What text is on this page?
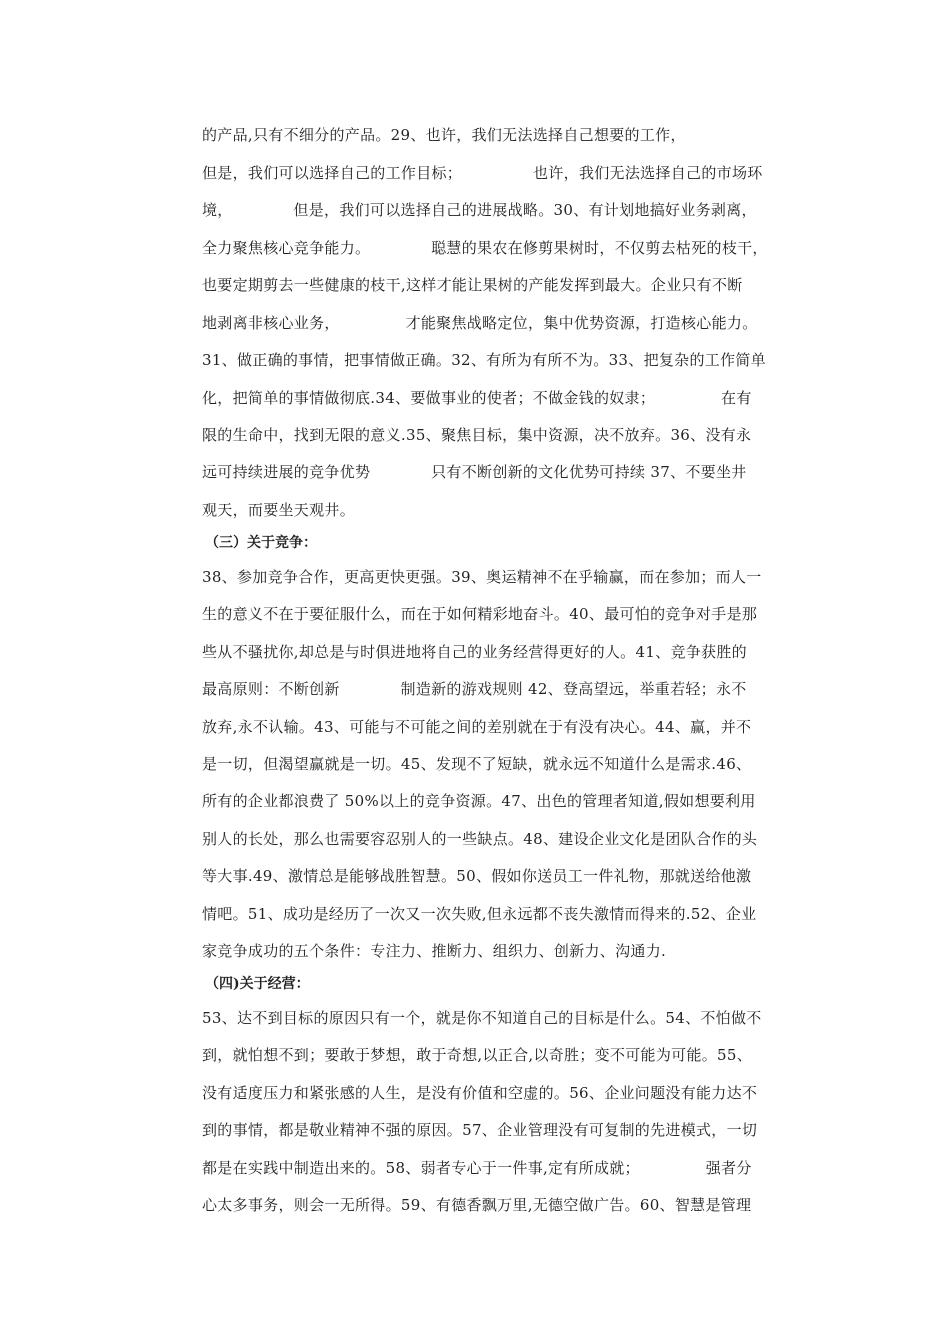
的产品,只有不细分的产品。29、也许，我们无法选择自己想要的工作，
但是，我们可以选择自己的工作目标；              也许，我们无法选择自己的市场环
境，            但是，我们可以选择自己的进展战略。30、有计划地搞好业务剥离，
全力聚焦核心竞争能力。            聪慧的果农在修剪果树时，不仅剪去枯死的枝干，
也要定期剪去一些健康的枝干,这样才能让果树的产能发挥到最大。企业只有不断
地剥离非核心业务，             才能聚焦战略定位，集中优势资源，打造核心能力。
31、做正确的事情，把事情做正确。32、有所为有所不为。33、把复杂的工作简单
化，把简单的事情做彻底.34、要做事业的使者；不做金钱的奴隶；             在有
限的生命中，找到无限的意义.35、聚焦目标，集中资源，决不放弃。36、没有永
远可持续进展的竞争优势            只有不断创新的文化优势可持续 37、不要坐井
观天，而要坐天观井。
（三）关于竞争：
38、参加竞争合作，更高更快更强。39、奥运精神不在乎输赢，而在参加；而人一
生的意义不在于要征服什么，而在于如何精彩地奋斗。40、最可怕的竞争对手是那
些从不骚扰你,却总是与时俱进地将自己的业务经营得更好的人。41、竞争获胜的
最高原则：不断创新            制造新的游戏规则 42、登高望远，举重若轻；永不
放弃,永不认输。43、可能与不可能之间的差别就在于有没有决心。44、赢，并不
是一切，但渴望赢就是一切。45、发现不了短缺，就永远不知道什么是需求.46、
所有的企业都浪费了 50%以上的竞争资源。47、出色的管理者知道,假如想要利用
别人的长处，那么也需要容忍别人的一些缺点。48、建设企业文化是团队合作的头
等大事.49、激情总是能够战胜智慧。50、假如你送员工一件礼物，那就送给他激
情吧。51、成功是经历了一次又一次失败,但永远都不丧失激情而得来的.52、企业
家竞争成功的五个条件：专注力、推断力、组织力、创新力、沟通力.
（四)关于经营：
53、达不到目标的原因只有一个，就是你不知道自己的目标是什么。54、不怕做不
到，就怕想不到；要敢于梦想，敢于奇想,以正合,以奇胜；变不可能为可能。55、
没有适度压力和紧张感的人生，是没有价值和空虚的。56、企业问题没有能力达不
到的事情，都是敬业精神不强的原因。57、企业管理没有可复制的先进模式，一切
都是在实践中制造出来的。58、弱者专心于一件事,定有所成就；             强者分
心太多事务，则会一无所得。59、有德香飘万里,无德空做广告。60、智慧是管理
